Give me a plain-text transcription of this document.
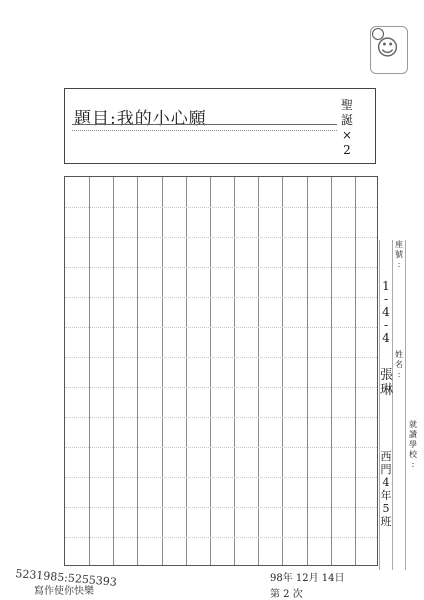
☺
題目:我的小心願
聖
誕
×
2
座
號
:
姓
名
:
就
讀
學
校
:
1
-
4
-
4
張
琳
西
門
4
年
5
班
5231985:5255393
寫作使你快樂
98年 12月 14日
第 2 次
